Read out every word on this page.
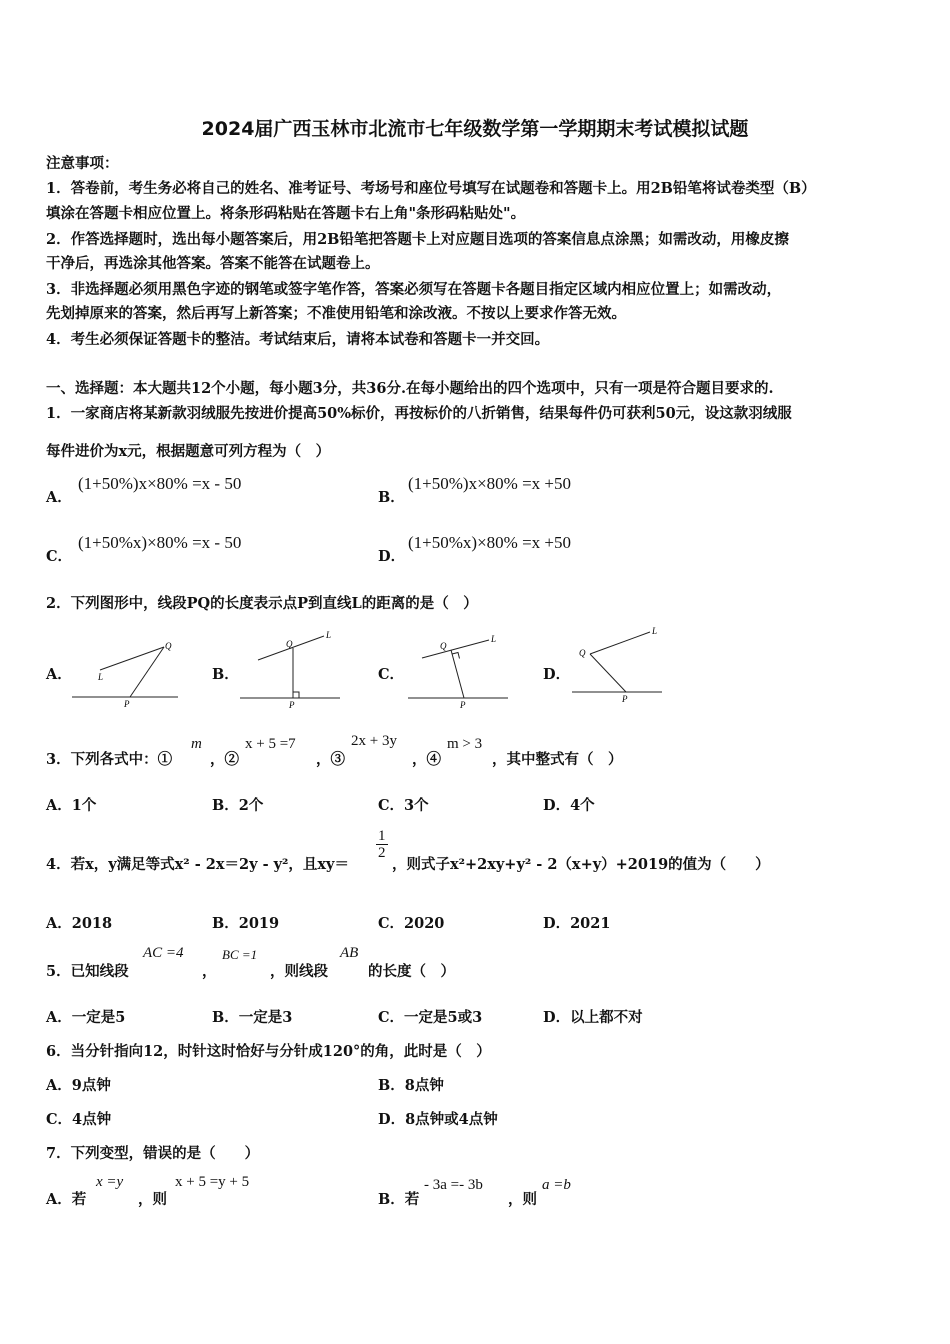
2024届广西玉林市北流市七年级数学第一学期期末考试模拟试题
注意事项：
1．答卷前，考生务必将自己的姓名、准考证号、考场号和座位号填写在试题卷和答题卡上。用2B铅笔将试卷类型（B）
填涂在答题卡相应位置上。将条形码粘贴在答题卡右上角"条形码粘贴处"。
2．作答选择题时，选出每小题答案后，用2B铅笔把答题卡上对应题目选项的答案信息点涂黑；如需改动，用橡皮擦
干净后，再选涂其他答案。答案不能答在试题卷上。
3．非选择题必须用黑色字迹的钢笔或签字笔作答，答案必须写在答题卡各题目指定区域内相应位置上；如需改动，
先划掉原来的答案，然后再写上新答案；不准使用铅笔和涂改液。不按以上要求作答无效。
4．考生必须保证答题卡的整洁。考试结束后，请将本试卷和答题卡一并交回。
一、选择题：本大题共12个小题，每小题3分，共36分.在每小题给出的四个选项中，只有一项是符合题目要求的.
1．一家商店将某新款羽绒服先按进价提高50%标价，再按标价的八折销售，结果每件仍可获利50元，设这款羽绒服
每件进价为x元，根据题意可列方程为（　）
A．
(1+50%)x×80% =x - 50
B．
(1+50%)x×80% =x +50
C．
(1+50%x)×80% =x - 50
D．
(1+50%x)×80% =x +50
2．下列图形中，线段PQ的长度表示点P到直线L的距离的是（　）
A．	B．	C．	D．
Q
L
P
Q
L
P
Q
L
P
Q
L
P
3．下列各式中：①
m
，②
x + 5 =7
，③
2x + 3y
，④
m > 3
，其中整式有（　）
A．1个	B．2个	C．3个	D．4个
4．若x，y满足等式x² - 2x＝2y - y²，且xy＝
$\frac{1}{2}$
，则式子x²+2xy+y² - 2（x+y）+2019的值为（　　）
A．2018	B．2019	C．2020	D．2021
5．已知线段
AC =4
，
BC =1
，则线段
AB
的长度（　）
A．一定是5	B．一定是3	C．一定是5或3	D．以上都不对
6．当分针指向12，时针这时恰好与分针成120°的角，此时是（　）
A．9点钟	B．8点钟
C．4点钟	D．8点钟或4点钟
7．下列变型，错误的是（　　）
A．若
x =y
，则
x + 5 =y + 5
B．若
- 3a =- 3b
，则
a =b
